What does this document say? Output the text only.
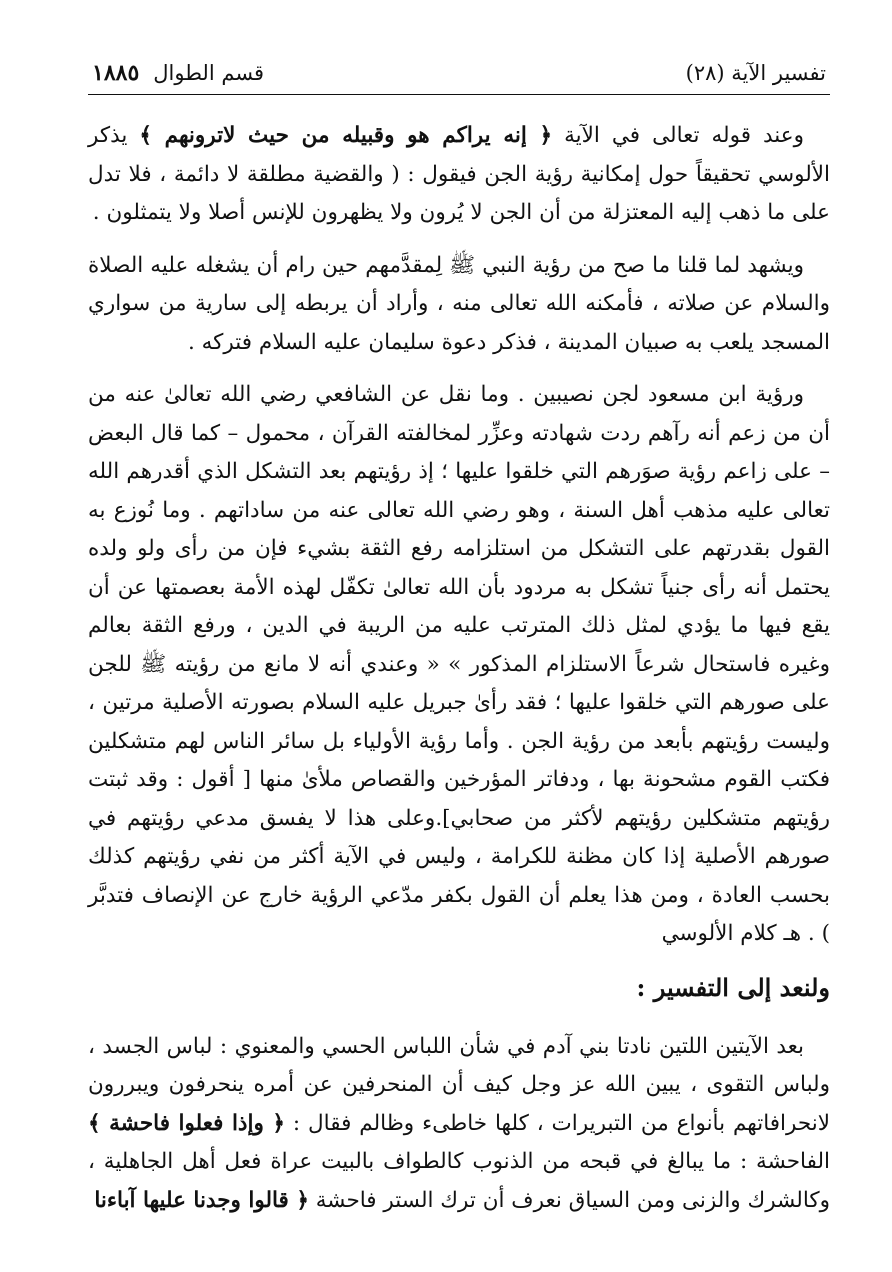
تفسير الآية (٢٨)
قسم الطوال
١٨٨٥

وعند قوله تعالى في الآية ﴿ إنه يراكم هو وقبيله من حيث لاترونهم ﴾ يذكر الألوسي تحقيقاً حول إمكانية رؤية الجن فيقول : ( والقضية مطلقة لا دائمة ، فلا تدل على ما ذهب إليه المعتزلة من أن الجن لا يُرون ولا يظهرون للإنس أصلا ولا يتمثلون .

ويشهد لما قلنا ما صح من رؤية النبي ﷺ لِمقدَّمهم حين رام أن يشغله عليه الصلاة والسلام عن صلاته ، فأمكنه الله تعالى منه ، وأراد أن يربطه إلى سارية من سواري المسجد يلعب به صبيان المدينة ، فذكر دعوة سليمان عليه السلام فتركه .

ورؤية ابن مسعود لجن نصيبين . وما نقل عن الشافعي رضي الله تعالىٰ عنه من أن من زعم أنه رآهم ردت شهادته وعزِّر لمخالفته القرآن ، محمول – كما قال البعض – على زاعم رؤية صوَرهم التي خلقوا عليها ؛ إذ رؤيتهم بعد التشكل الذي أقدرهم الله تعالى عليه مذهب أهل السنة ، وهو رضي الله تعالى عنه من ساداتهم . وما نُوزع به القول بقدرتهم على التشكل من استلزامه رفع الثقة بشيء فإن من رأى ولو ولده يحتمل أنه رأى جنياً تشكل به مردود بأن الله تعالىٰ تكفّل لهذه الأمة بعصمتها عن أن يقع فيها ما يؤدي لمثل ذلك المترتب عليه من الريبة في الدين ، ورفع الثقة بعالم وغيره فاستحال شرعاً الاستلزام المذكور » « وعندي أنه لا مانع من رؤيته ﷺ للجن على صورهم التي خلقوا عليها ؛ فقد رأىٰ جبريل عليه السلام بصورته الأصلية مرتين ، وليست رؤيتهم بأبعد من رؤية الجن . وأما رؤية الأولياء بل سائر الناس لهم متشكلين فكتب القوم مشحونة بها ، ودفاتر المؤرخين والقصاص ملأىٰ منها [ أقول : وقد ثبتت رؤيتهم متشكلين رؤيتهم لأكثر من صحابي].وعلى هذا لا يفسق مدعي رؤيتهم في صورهم الأصلية إذا كان مظنة للكرامة ، وليس في الآية أكثر من نفي رؤيتهم كذلك بحسب العادة ، ومن هذا يعلم أن القول بكفر مدّعي الرؤية خارج عن الإنصاف فتدبَّر ) . هـ كلام الألوسي

ولنعد إلى التفسير :

بعد الآيتين اللتين نادتا بني آدم في شأن اللباس الحسي والمعنوي : لباس الجسد ، ولباس التقوى ، يبين الله عز وجل كيف أن المنحرفين عن أمره ينحرفون ويبررون لانحرافاتهم بأنواع من التبريرات ، كلها خاطىء وظالم فقال : ﴿ وإذا فعلوا فاحشة ﴾ الفاحشة : ما يبالغ في قبحه من الذنوب كالطواف بالبيت عراة فعل أهل الجاهلية ، وكالشرك والزنى ومن السياق نعرف أن ترك الستر فاحشة ﴿ قالوا وجدنا عليها آباءنا
